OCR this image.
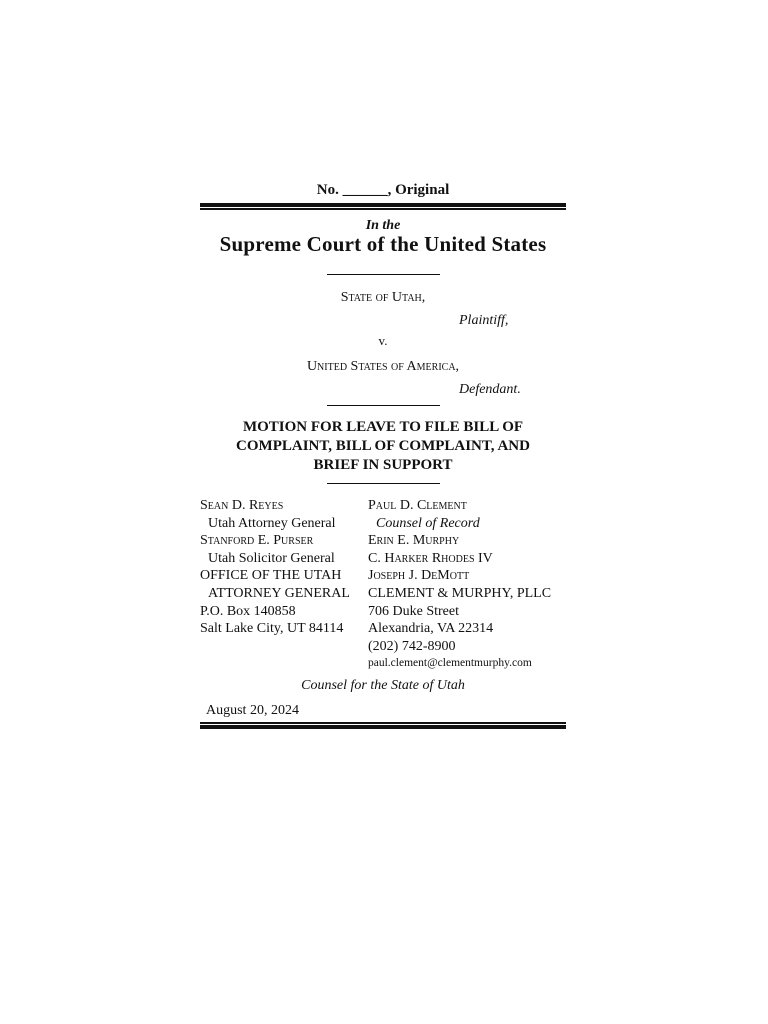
No. ______, Original
In the
Supreme Court of the United States
State of Utah,
Plaintiff,
v.
United States of America,
Defendant.
MOTION FOR LEAVE TO FILE BILL OF
COMPLAINT, BILL OF COMPLAINT, AND
BRIEF IN SUPPORT
Sean D. Reyes
Utah Attorney General
Stanford E. Purser
Utah Solicitor General
OFFICE OF THE UTAH
ATTORNEY GENERAL
P.O. Box 140858
Salt Lake City, UT 84114
Paul D. Clement
Counsel of Record
Erin E. Murphy
C. Harker Rhodes IV
Joseph J. DeMott
CLEMENT & MURPHY, PLLC
706 Duke Street
Alexandria, VA 22314
(202) 742-8900
paul.clement@clementmurphy.com
Counsel for the State of Utah
August 20, 2024
